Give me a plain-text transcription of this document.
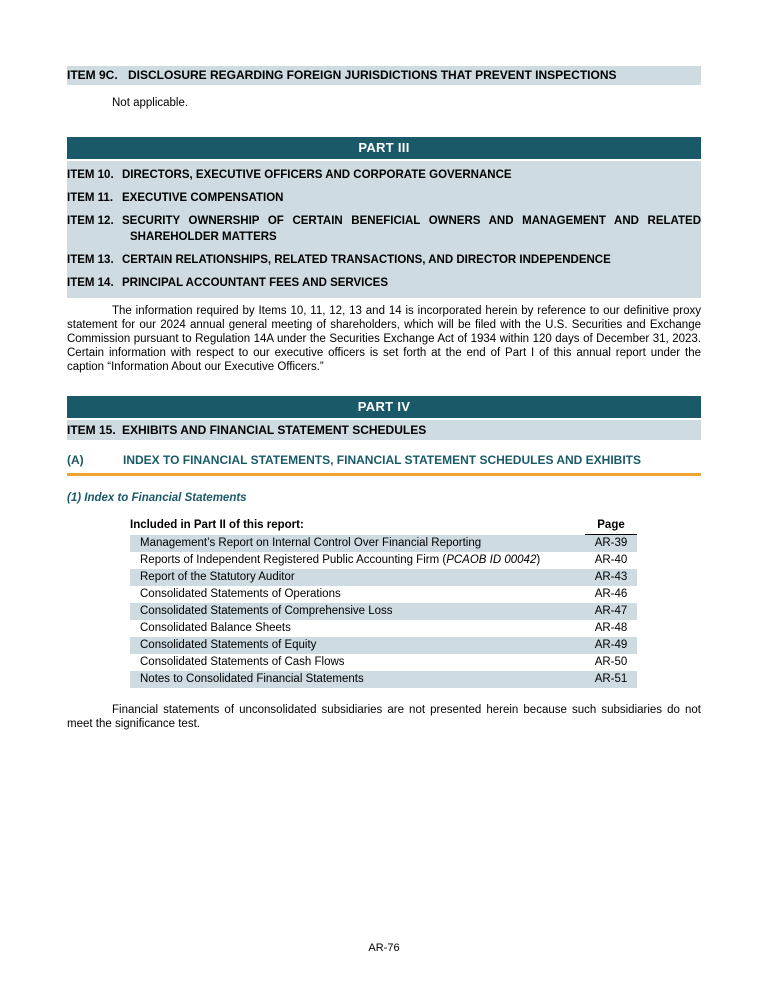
ITEM 9C. DISCLOSURE REGARDING FOREIGN JURISDICTIONS THAT PREVENT INSPECTIONS

Not applicable.

PART III
ITEM 10. DIRECTORS, EXECUTIVE OFFICERS AND CORPORATE GOVERNANCE
ITEM 11. EXECUTIVE COMPENSATION
ITEM 12. SECURITY OWNERSHIP OF CERTAIN BENEFICIAL OWNERS AND MANAGEMENT AND RELATED SHAREHOLDER MATTERS
ITEM 13. CERTAIN RELATIONSHIPS, RELATED TRANSACTIONS, AND DIRECTOR INDEPENDENCE
ITEM 14. PRINCIPAL ACCOUNTANT FEES AND SERVICES

The information required by Items 10, 11, 12, 13 and 14 is incorporated herein by reference to our definitive proxy statement for our 2024 annual general meeting of shareholders, which will be filed with the U.S. Securities and Exchange Commission pursuant to Regulation 14A under the Securities Exchange Act of 1934 within 120 days of December 31, 2023. Certain information with respect to our executive officers is set forth at the end of Part I of this annual report under the caption “Information About our Executive Officers.”

PART IV
ITEM 15. EXHIBITS AND FINANCIAL STATEMENT SCHEDULES
(A)	INDEX TO FINANCIAL STATEMENTS, FINANCIAL STATEMENT SCHEDULES AND EXHIBITS
(1) Index to Financial Statements
Included in Part II of this report:	Page

Management’s Report on Internal Control Over Financial Reporting	AR-39
Reports of Independent Registered Public Accounting Firm (PCAOB ID 00042)	AR-40
Report of the Statutory Auditor	AR-43
Consolidated Statements of Operations	AR-46
Consolidated Statements of Comprehensive Loss	AR-47
Consolidated Balance Sheets	AR-48
Consolidated Statements of Equity	AR-49
Consolidated Statements of Cash Flows	AR-50
Notes to Consolidated Financial Statements	AR-51

Financial statements of unconsolidated subsidiaries are not presented herein because such subsidiaries do not meet the significance test.

AR-76
